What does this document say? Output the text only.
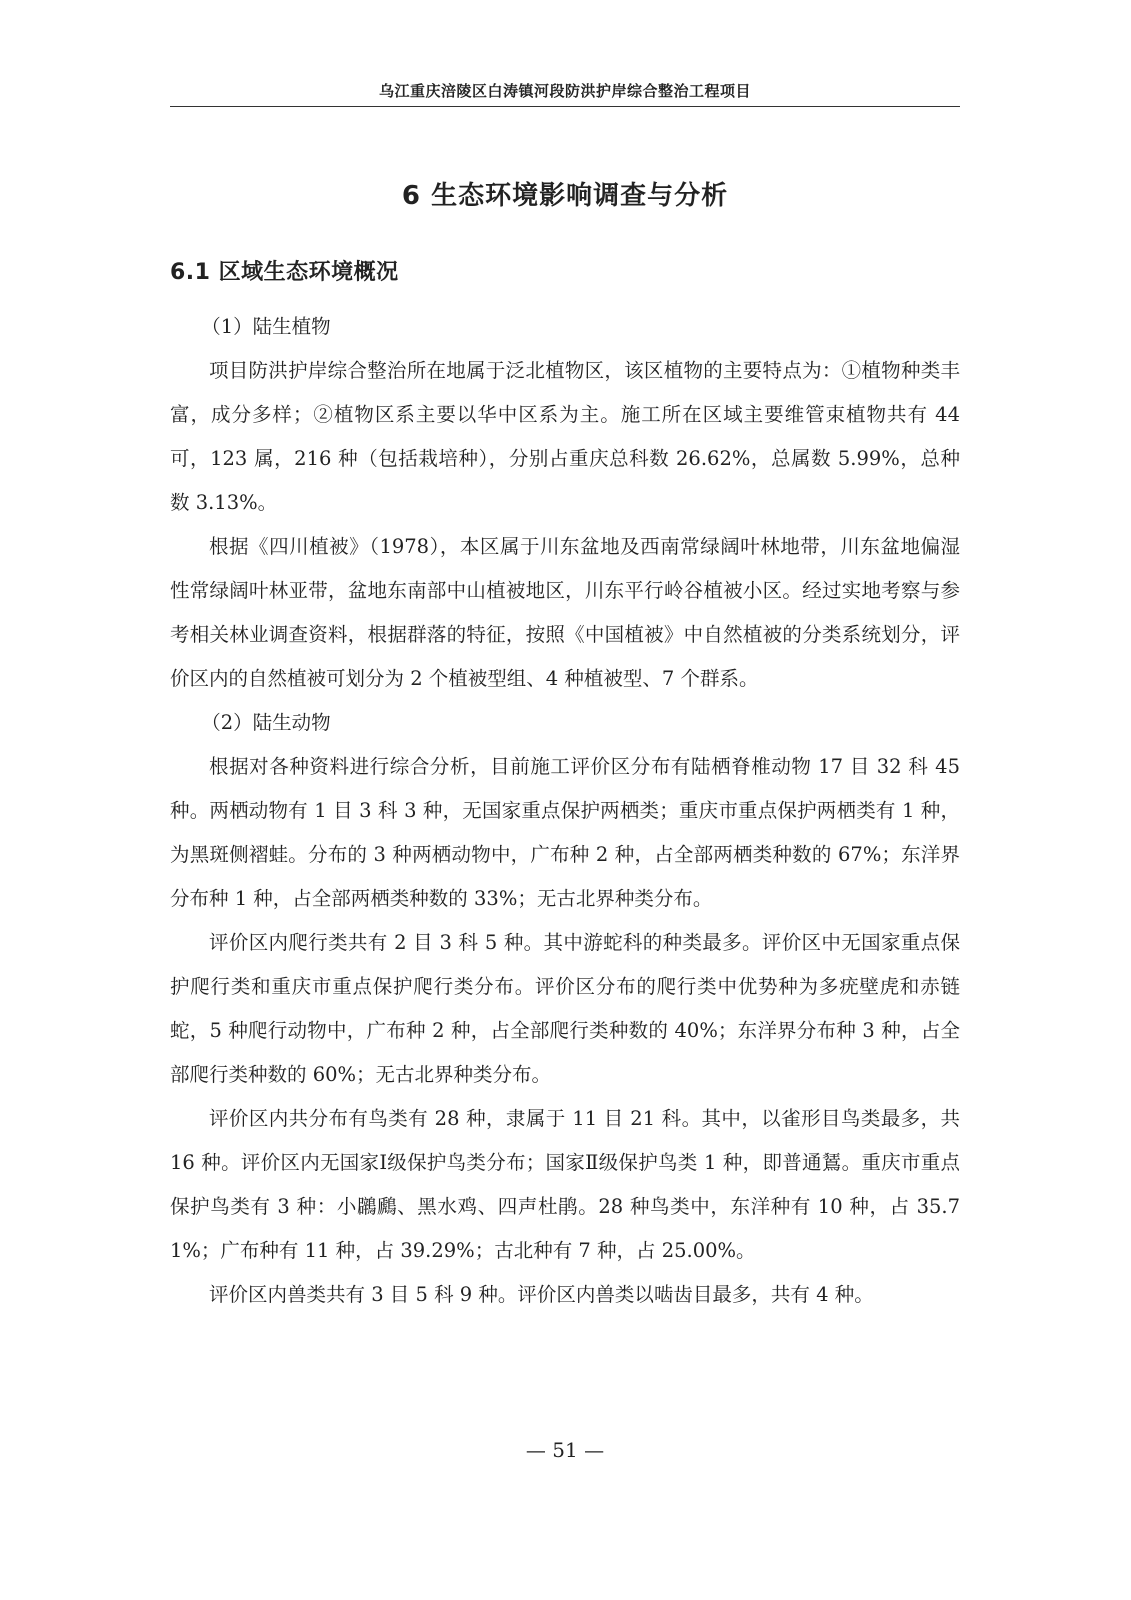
乌江重庆涪陵区白涛镇河段防洪护岸综合整治工程项目
6 生态环境影响调查与分析
6.1 区域生态环境概况

（1）陆生植物

项目防洪护岸综合整治所在地属于泛北植物区，该区植物的主要特点为：①植物种类丰富，成分多样；②植物区系主要以华中区系为主。施工所在区域主要维管束植物共有 44 可，123 属，216 种（包括栽培种），分别占重庆总科数 26.62%，总属数 5.99%，总种数 3.13%。

根据《四川植被》（1978），本区属于川东盆地及西南常绿阔叶林地带，川东盆地偏湿性常绿阔叶林亚带，盆地东南部中山植被地区，川东平行岭谷植被小区。经过实地考察与参考相关林业调查资料，根据群落的特征，按照《中国植被》中自然植被的分类系统划分，评价区内的自然植被可划分为 2 个植被型组、4 种植被型、7 个群系。

（2）陆生动物

根据对各种资料进行综合分析，目前施工评价区分布有陆栖脊椎动物 17 目 32 科 45 种。两栖动物有 1 目 3 科 3 种，无国家重点保护两栖类；重庆市重点保护两栖类有 1 种，为黑斑侧褶蛙。分布的 3 种两栖动物中，广布种 2 种，占全部两栖类种数的 67%；东洋界分布种 1 种，占全部两栖类种数的 33%；无古北界种类分布。

评价区内爬行类共有 2 目 3 科 5 种。其中游蛇科的种类最多。评价区中无国家重点保护爬行类和重庆市重点保护爬行类分布。评价区分布的爬行类中优势种为多疣壁虎和赤链蛇，5 种爬行动物中，广布种 2 种，占全部爬行类种数的 40%；东洋界分布种 3 种，占全部爬行类种数的 60%；无古北界种类分布。

评价区内共分布有鸟类有 28 种，隶属于 11 目 21 科。其中，以雀形目鸟类最多，共 16 种。评价区内无国家Ⅰ级保护鸟类分布；国家Ⅱ级保护鸟类 1 种，即普通鵟。重庆市重点保护鸟类有 3 种：小鸊鷉、黑水鸡、四声杜鹃。28 种鸟类中，东洋种有 10 种，占 35.71%；广布种有 11 种，占 39.29%；古北种有 7 种，占 25.00%。

评价区内兽类共有 3 目 5 科 9 种。评价区内兽类以啮齿目最多，共有 4 种。

— 51 —
